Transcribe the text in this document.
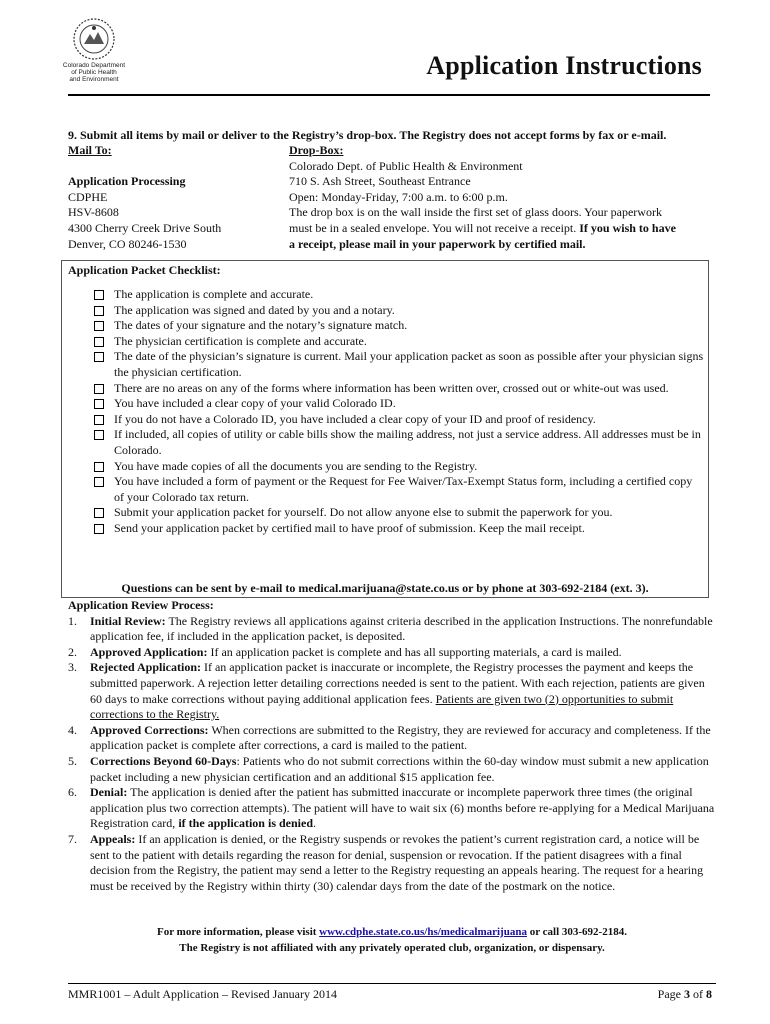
Colorado Department
of Public Health
and Environment	Application Instructions
9. Submit all items by mail or deliver to the Registry’s drop-box. The Registry does not accept forms by fax or e-mail.
Mail To:
Application Processing
CDPHE
HSV-8608
4300 Cherry Creek Drive South
Denver, CO 80246-1530
Drop-Box:
Colorado Dept. of Public Health & Environment
710 S. Ash Street, Southeast Entrance
Open: Monday-Friday, 7:00 a.m. to 6:00 p.m.
The drop box is on the wall inside the first set of glass doors. Your paperwork
must be in a sealed envelope. You will not receive a receipt. If you wish to have
a receipt, please mail in your paperwork by certified mail.
Application Packet Checklist:
The application is complete and accurate.
The application was signed and dated by you and a notary.
The dates of your signature and the notary’s signature match.
The physician certification is complete and accurate.
The date of the physician’s signature is current. Mail your application packet as soon as possible after your physician signs the physician certification.
There are no areas on any of the forms where information has been written over, crossed out or white-out was used.
You have included a clear copy of your valid Colorado ID.
If you do not have a Colorado ID, you have included a clear copy of your ID and proof of residency.
If included, all copies of utility or cable bills show the mailing address, not just a service address. All addresses must be in Colorado.
You have made copies of all the documents you are sending to the Registry.
You have included a form of payment or the Request for Fee Waiver/Tax-Exempt Status form, including a certified copy of your Colorado tax return.
Submit your application packet for yourself. Do not allow anyone else to submit the paperwork for you.
Send your application packet by certified mail to have proof of submission. Keep the mail receipt.
Questions can be sent by e-mail to medical.marijuana@state.co.us or by phone at 303-692-2184 (ext. 3).
Application Review Process:
1. Initial Review: The Registry reviews all applications against criteria described in the application Instructions. The nonrefundable application fee, if included in the application packet, is deposited.
2. Approved Application: If an application packet is complete and has all supporting materials, a card is mailed.
3. Rejected Application: If an application packet is inaccurate or incomplete, the Registry processes the payment and keeps the submitted paperwork. A rejection letter detailing corrections needed is sent to the patient. With each rejection, patients are given 60 days to make corrections without paying additional application fees. Patients are given two (2) opportunities to submit corrections to the Registry.
4. Approved Corrections: When corrections are submitted to the Registry, they are reviewed for accuracy and completeness. If the application packet is complete after corrections, a card is mailed to the patient.
5. Corrections Beyond 60-Days: Patients who do not submit corrections within the 60-day window must submit a new application packet including a new physician certification and an additional $15 application fee.
6. Denial: The application is denied after the patient has submitted inaccurate or incomplete paperwork three times (the original application plus two correction attempts). The patient will have to wait six (6) months before re-applying for a Medical Marijuana Registration card, if the application is denied.
7. Appeals: If an application is denied, or the Registry suspends or revokes the patient’s current registration card, a notice will be sent to the patient with details regarding the reason for denial, suspension or revocation. If the patient disagrees with a final decision from the Registry, the patient may send a letter to the Registry requesting an appeals hearing. The request for a hearing must be received by the Registry within thirty (30) calendar days from the date of the postmark on the notice.
For more information, please visit www.cdphe.state.co.us/hs/medicalmarijuana or call 303-692-2184.
The Registry is not affiliated with any privately operated club, organization, or dispensary.
MMR1001 – Adult Application – Revised January 2014	Page 3 of 8
